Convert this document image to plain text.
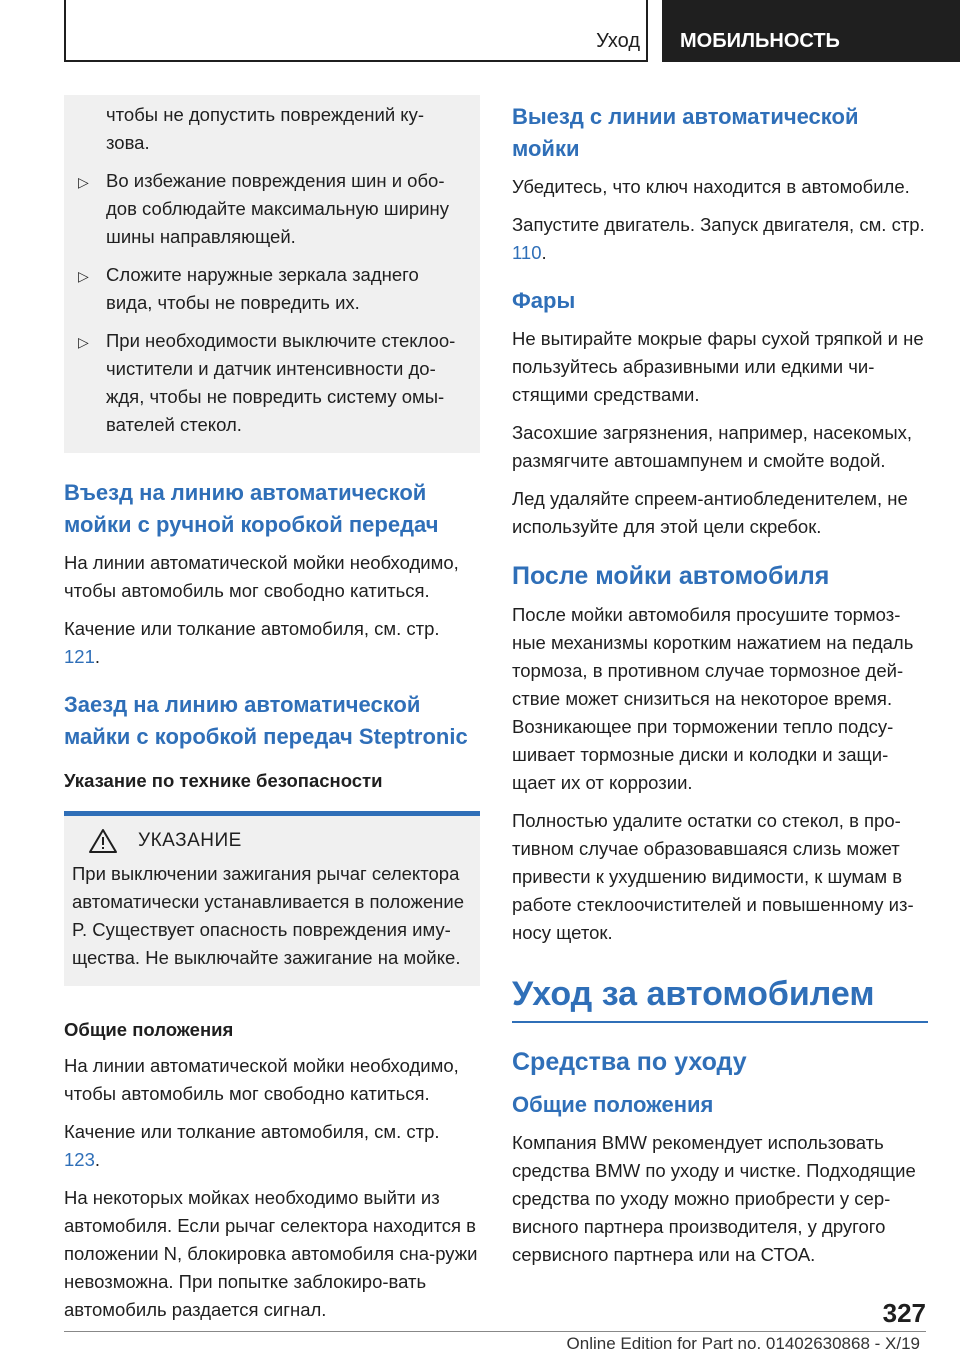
Уход	МОБИЛЬНОСТЬ

чтобы не допустить повреждений ку-зова.

▷ Во избежание повреждения шин и обо-дов соблюдайте максимальную ширину шины направляющей.
▷ Сложите наружные зеркала заднего вида, чтобы не повредить их.
▷ При необходимости выключите стеклоо-чистители и датчик интенсивности до-ждя, чтобы не повредить систему омы-вателей стекол.
Въезд на линию автоматической мойки с ручной коробкой передач

На линии автоматической мойки необходимо, чтобы автомобиль мог свободно катиться.

Качение или толкание автомобиля, см. стр. 121.

Заезд на линию автоматической майки с коробкой передач Steptronic
Указание по технике безопасности
УКАЗАНИЕ

При выключении зажигания рычаг селектора автоматически устанавливается в положение P. Существует опасность повреждения иму-щества. Не выключайте зажигание на мойке.

Общие положения

На линии автоматической мойки необходимо, чтобы автомобиль мог свободно катиться.

Качение или толкание автомобиля, см. стр. 123.

На некоторых мойках необходимо выйти из автомобиля. Если рычаг селектора находится в положении N, блокировка автомобиля сна-ружи невозможна. При попытке заблокиро-вать автомобиль раздается сигнал.

Выезд с линии автоматической мойки

Убедитесь, что ключ находится в автомобиле.

Запустите двигатель. Запуск двигателя, см. стр. 110.

Фары

Не вытирайте мокрые фары сухой тряпкой и не пользуйтесь абразивными или едкими чи-стящими средствами.

Засохшие загрязнения, например, насекомых, размягчите автошампунем и смойте водой.

Лед удаляйте спреем-антиобледенителем, не используйте для этой цели скребок.

После мойки автомобиля

После мойки автомобиля просушите тормоз-ные механизмы коротким нажатием на педаль тормоза, в противном случае тормозное дей-ствие может снизиться на некоторое время. Возникающее при торможении тепло подсу-шивает тормозные диски и колодки и защи-щает их от коррозии.

Полностью удалите остатки со стекол, в про-тивном случае образовавшаяся слизь может привести к ухудшению видимости, к шумам в работе стеклоочистителей и повышенному из-носу щеток.

Уход за автомобилем
Средства по уходу
Общие положения

Компания BMW рекомендует использовать средства BMW по уходу и чистке. Подходящие средства по уходу можно приобрести у сер-висного партнера производителя, у другого сервисного партнера или на СТОА.

327
Online Edition for Part no. 01402630868 - X/19
